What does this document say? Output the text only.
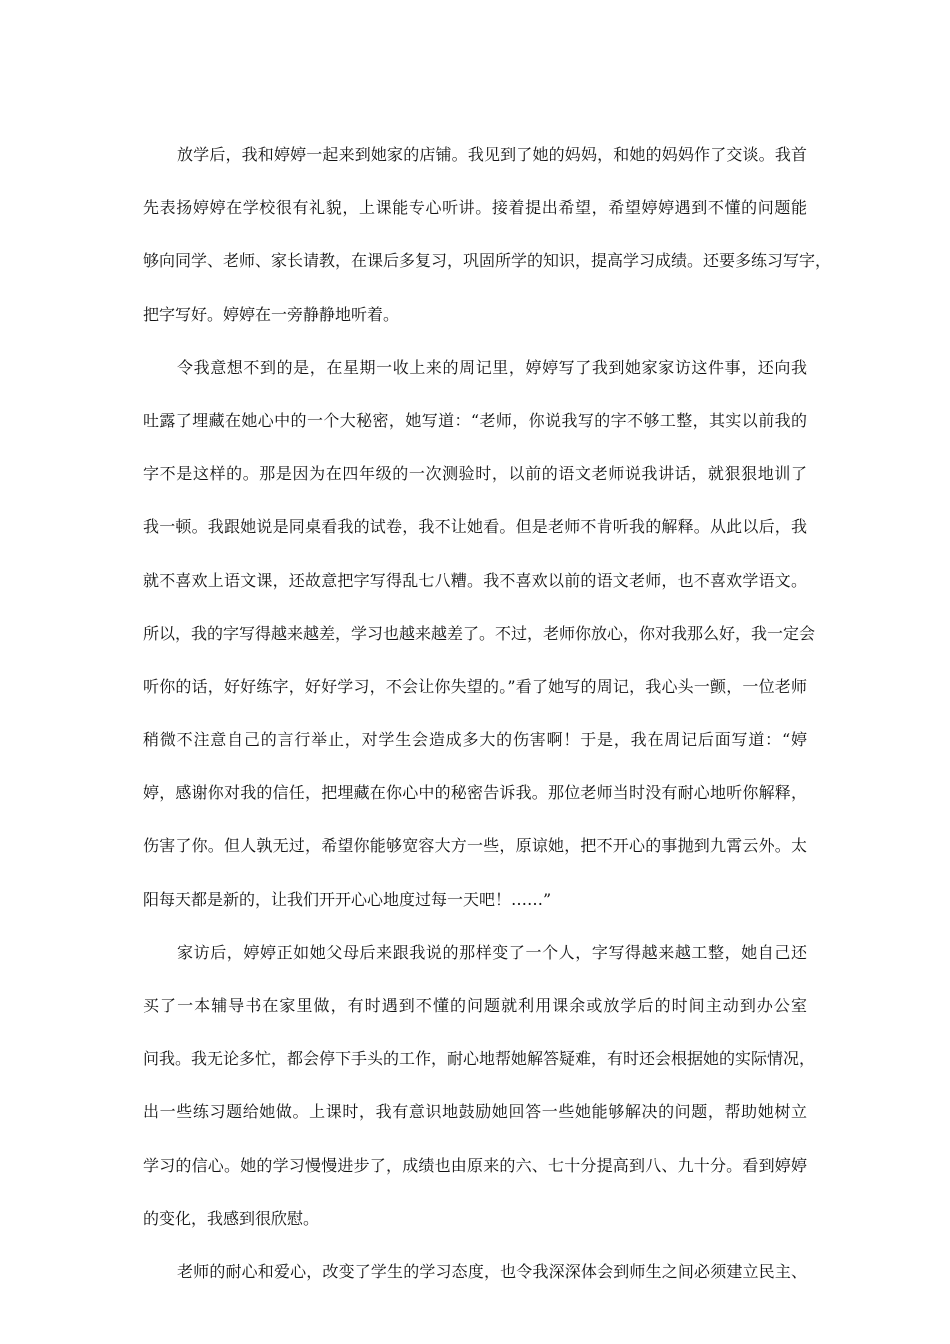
放学后，我和婷婷一起来到她家的店铺。我见到了她的妈妈，和她的妈妈作了交谈。我首
先表扬婷婷在学校很有礼貌，上课能专心听讲。接着提出希望，希望婷婷遇到不懂的问题能
够向同学、老师、家长请教，在课后多复习，巩固所学的知识，提高学习成绩。还要多练习写字，
把字写好。婷婷在一旁静静地听着。
令我意想不到的是，在星期一收上来的周记里，婷婷写了我到她家家访这件事，还向我
吐露了埋藏在她心中的一个大秘密，她写道：“老师，你说我写的字不够工整，其实以前我的
字不是这样的。那是因为在四年级的一次测验时，以前的语文老师说我讲话，就狠狠地训了
我一顿。我跟她说是同桌看我的试卷，我不让她看。但是老师不肯听我的解释。从此以后，我
就不喜欢上语文课，还故意把字写得乱七八糟。我不喜欢以前的语文老师，也不喜欢学语文。
所以，我的字写得越来越差，学习也越来越差了。不过，老师你放心，你对我那么好，我一定会
听你的话，好好练字，好好学习，不会让你失望的。”看了她写的周记，我心头一颤，一位老师
稍微不注意自己的言行举止，对学生会造成多大的伤害啊！于是，我在周记后面写道：“婷
婷，感谢你对我的信任，把埋藏在你心中的秘密告诉我。那位老师当时没有耐心地听你解释，
伤害了你。但人孰无过，希望你能够宽容大方一些，原谅她，把不开心的事抛到九霄云外。太
阳每天都是新的，让我们开开心心地度过每一天吧！……”
家访后，婷婷正如她父母后来跟我说的那样变了一个人，字写得越来越工整，她自己还
买了一本辅导书在家里做，有时遇到不懂的问题就利用课余或放学后的时间主动到办公室
问我。我无论多忙，都会停下手头的工作，耐心地帮她解答疑难，有时还会根据她的实际情况，
出一些练习题给她做。上课时，我有意识地鼓励她回答一些她能够解决的问题，帮助她树立
学习的信心。她的学习慢慢进步了，成绩也由原来的六、七十分提高到八、九十分。看到婷婷
的变化，我感到很欣慰。
老师的耐心和爱心，改变了学生的学习态度，也令我深深体会到师生之间必须建立民主、
